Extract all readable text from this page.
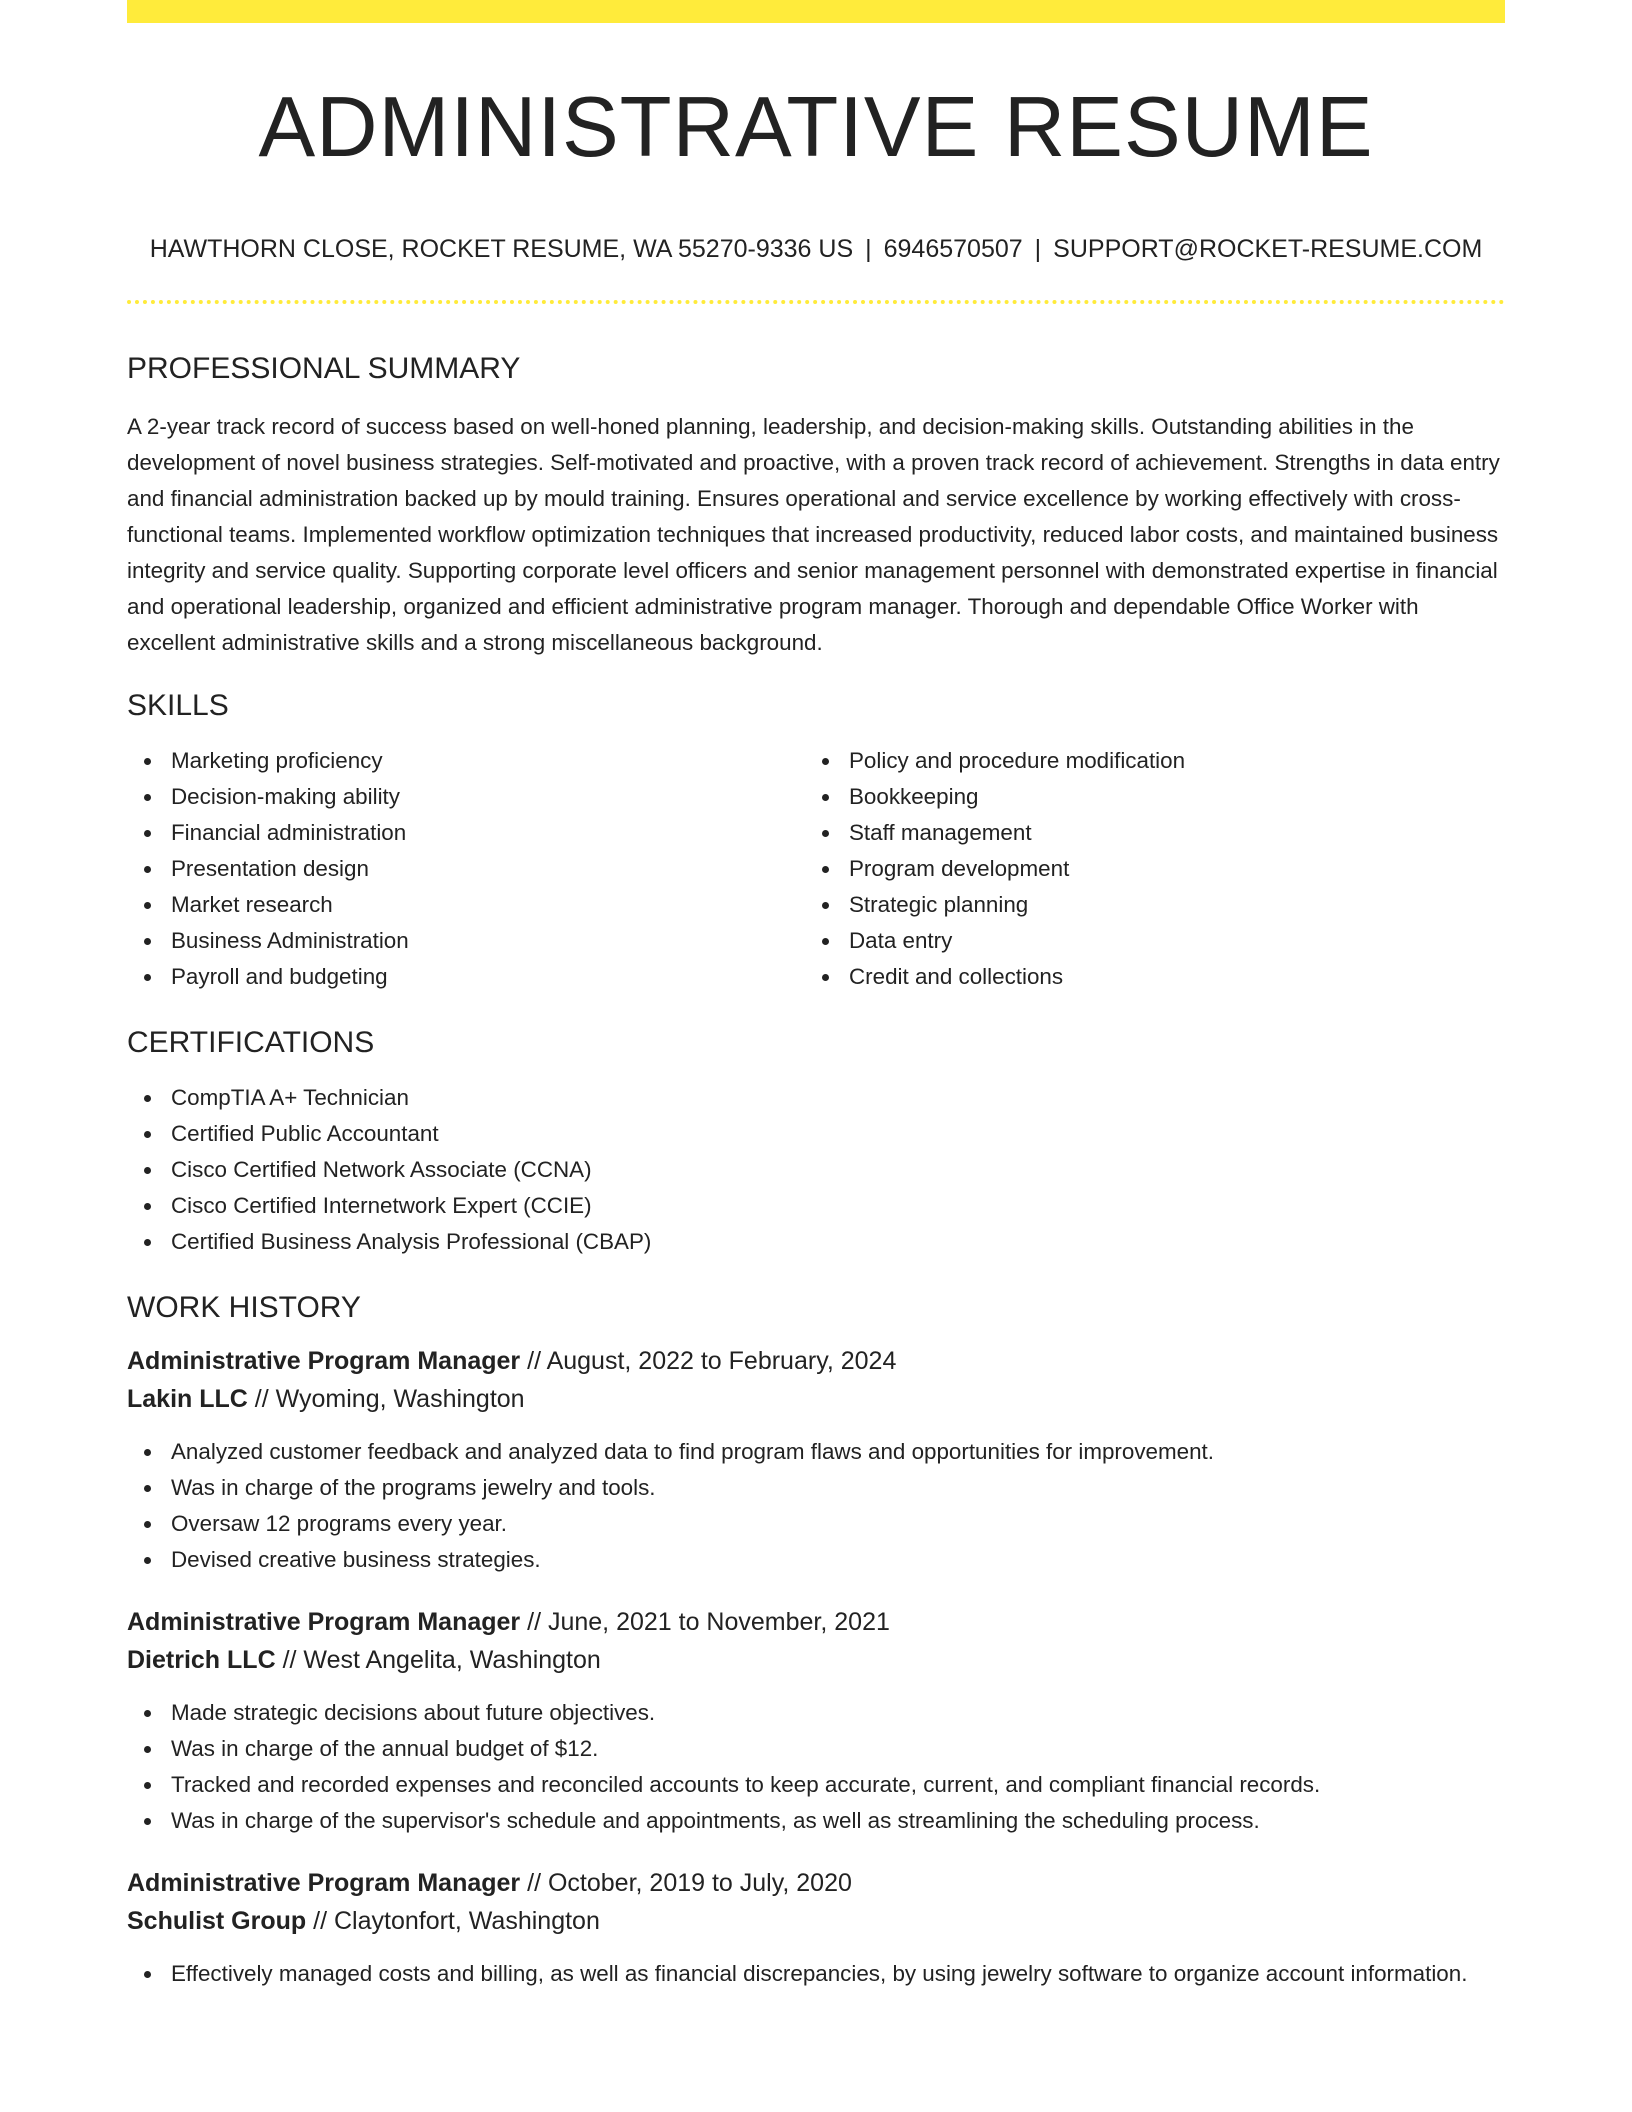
ADMINISTRATIVE RESUME
HAWTHORN CLOSE, ROCKET RESUME, WA 55270-9336 US | 6946570507 | SUPPORT@ROCKET-RESUME.COM
PROFESSIONAL SUMMARY

A 2-year track record of success based on well-honed planning, leadership, and decision-making skills. Outstanding abilities in the development of novel business strategies. Self-motivated and proactive, with a proven track record of achievement. Strengths in data entry and financial administration backed up by mould training. Ensures operational and service excellence by working effectively with cross-functional teams. Implemented workflow optimization techniques that increased productivity, reduced labor costs, and maintained business integrity and service quality. Supporting corporate level officers and senior management personnel with demonstrated expertise in financial and operational leadership, organized and efficient administrative program manager. Thorough and dependable Office Worker with excellent administrative skills and a strong miscellaneous background.

SKILLS
Marketing proficiency
Decision-making ability
Financial administration
Presentation design
Market research
Business Administration
Payroll and budgeting
Policy and procedure modification
Bookkeeping
Staff management
Program development
Strategic planning
Data entry
Credit and collections
CERTIFICATIONS
CompTIA A+ Technician
Certified Public Accountant
Cisco Certified Network Associate (CCNA)
Cisco Certified Internetwork Expert (CCIE)
Certified Business Analysis Professional (CBAP)
WORK HISTORY
Administrative Program Manager // August, 2022 to February, 2024
Lakin LLC // Wyoming, Washington
Analyzed customer feedback and analyzed data to find program flaws and opportunities for improvement.
Was in charge of the programs jewelry and tools.
Oversaw 12 programs every year.
Devised creative business strategies.
Administrative Program Manager // June, 2021 to November, 2021
Dietrich LLC // West Angelita, Washington
Made strategic decisions about future objectives.
Was in charge of the annual budget of $12.
Tracked and recorded expenses and reconciled accounts to keep accurate, current, and compliant financial records.
Was in charge of the supervisor's schedule and appointments, as well as streamlining the scheduling process.
Administrative Program Manager // October, 2019 to July, 2020
Schulist Group // Claytonfort, Washington
Effectively managed costs and billing, as well as financial discrepancies, by using jewelry software to organize account information.
